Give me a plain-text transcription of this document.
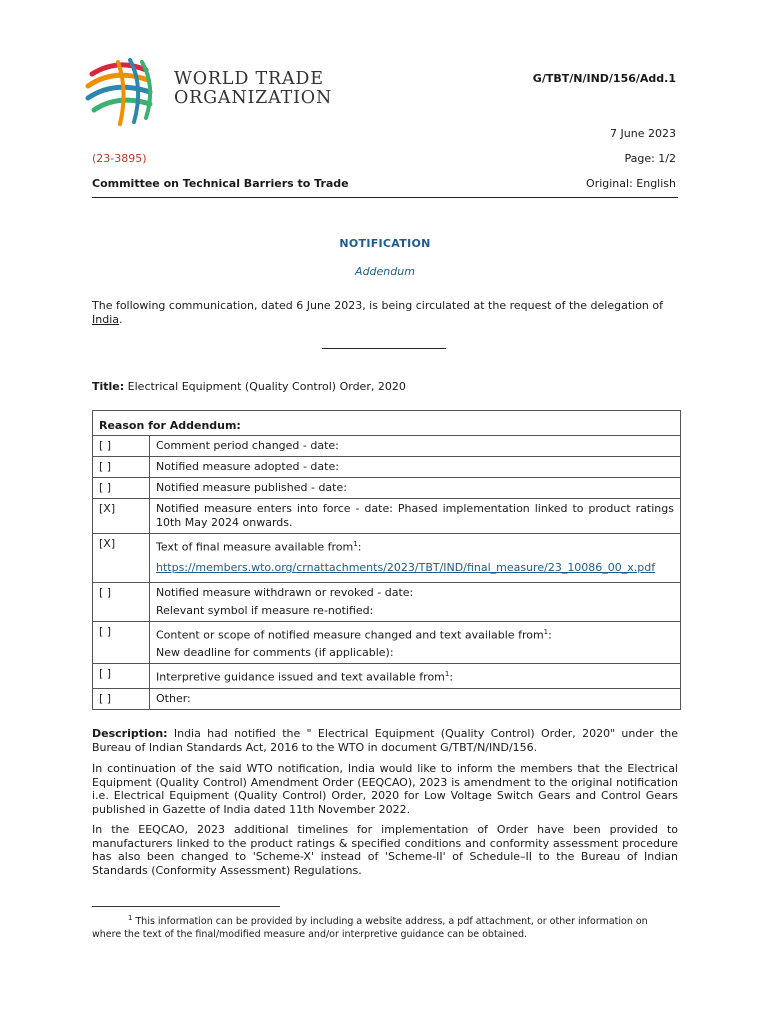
WORLD TRADE
ORGANIZATION
G/TBT/N/IND/156/Add.1
7 June 2023
(23-3895)	Page: 1/2
Committee on Technical Barriers to Trade	Original: English
NOTIFICATION
Addendum
The following communication, dated 6 June 2023, is being circulated at the request of the delegation of India.
Title: Electrical Equipment (Quality Control) Order, 2020
Reason for Addendum:	
[ ]	Comment period changed - date:
[ ]	Notified measure adopted - date:
[ ]	Notified measure published - date:
[X]	Notified measure enters into force - date: Phased implementation linked to product ratings 10th May 2024 onwards.
[X]	Text of final measure available from$^1$:
https://members.wto.org/crnattachments/2023/TBT/IND/final_measure/23_10086_00_x.pdf

[ ]	Notified measure withdrawn or revoked - date:
Relevant symbol if measure re-notified:

[ ]	Content or scope of notified measure changed and text available from$^1$:
New deadline for comments (if applicable):

[ ]	Interpretive guidance issued and text available from$^1$:
[ ]	Other:
Description: India had notified the " Electrical Equipment (Quality Control) Order, 2020" under the Bureau of Indian Standards Act, 2016 to the WTO in document G/TBT/N/IND/156.
In continuation of the said WTO notification, India would like to inform the members that the Electrical Equipment (Quality Control) Amendment Order (EEQCAO), 2023 is amendment to the original notification i.e. Electrical Equipment (Quality Control) Order, 2020 for Low Voltage Switch Gears and Control Gears published in Gazette of India dated 11th November 2022.
In the EEQCAO, 2023 additional timelines for implementation of Order have been provided to manufacturers linked to the product ratings & specified conditions and conformity assessment procedure has also been changed to 'Scheme-X' instead of 'Scheme-II' of Schedule–II to the Bureau of Indian Standards (Conformity Assessment) Regulations.
$^1$ This information can be provided by including a website address, a pdf attachment, or other information on where the text of the final/modified measure and/or interpretive guidance can be obtained.
